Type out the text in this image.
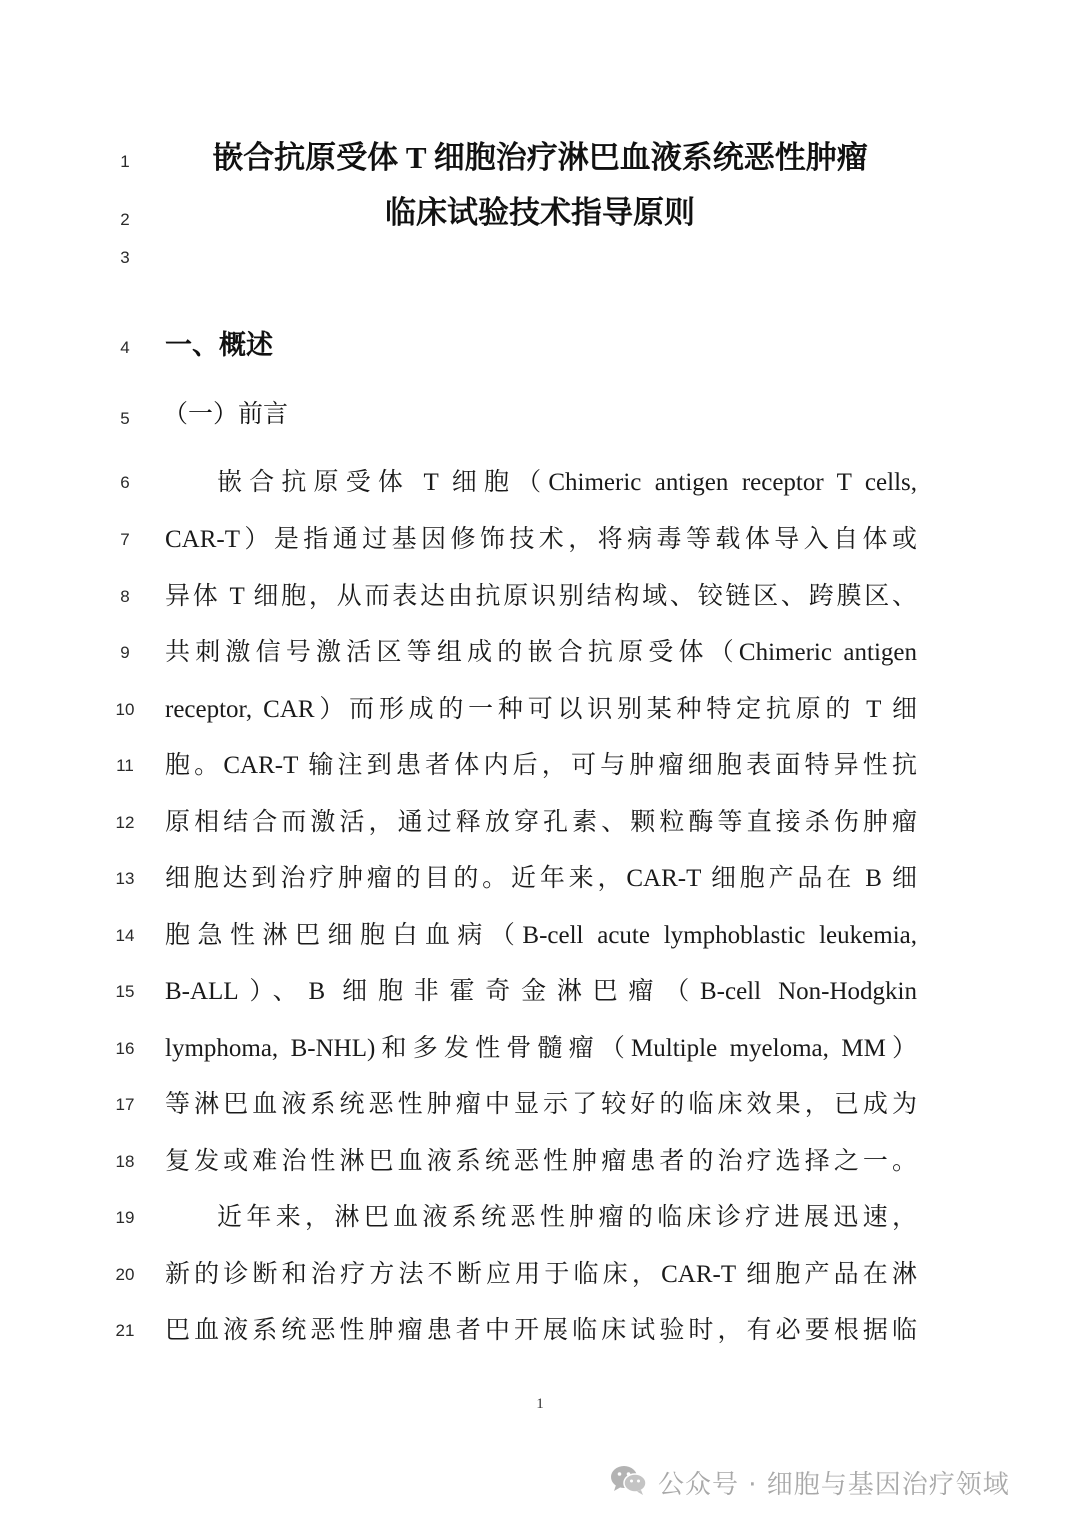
1
2
3
4
5
6
7
8
9
10
11
12
13
14
15
16
17
18
19
20
21
嵌合抗原受体 T 细胞治疗淋巴血液系统恶性肿瘤
临床试验技术指导原则
一、概述
（一）前言
嵌合抗原受体 T 细胞（Chimeric antigen receptor T cells,
CAR-T）是指通过基因修饰技术，将病毒等载体导入自体或
异体 T 细胞，从而表达由抗原识别结构域、铰链区、跨膜区、
共刺激信号激活区等组成的嵌合抗原受体（Chimeric antigen
receptor, CAR）而形成的一种可以识别某种特定抗原的 T 细
胞。CAR-T 输注到患者体内后，可与肿瘤细胞表面特异性抗
原相结合而激活，通过释放穿孔素、颗粒酶等直接杀伤肿瘤
细胞达到治疗肿瘤的目的。近年来，CAR-T 细胞产品在 B 细
胞急性淋巴细胞白血病（B-cell acute lymphoblastic leukemia,
B-ALL）、B 细胞非霍奇金淋巴瘤（B-cell Non-Hodgkin
lymphoma, B-NHL)和多发性骨髓瘤（Multiple myeloma, MM）
等淋巴血液系统恶性肿瘤中显示了较好的临床效果，已成为
复发或难治性淋巴血液系统恶性肿瘤患者的治疗选择之一。
近年来，淋巴血液系统恶性肿瘤的临床诊疗进展迅速，
新的诊断和治疗方法不断应用于临床，CAR-T 细胞产品在淋
巴血液系统恶性肿瘤患者中开展临床试验时，有必要根据临
1
公众号 · 细胞与基因治疗领域
